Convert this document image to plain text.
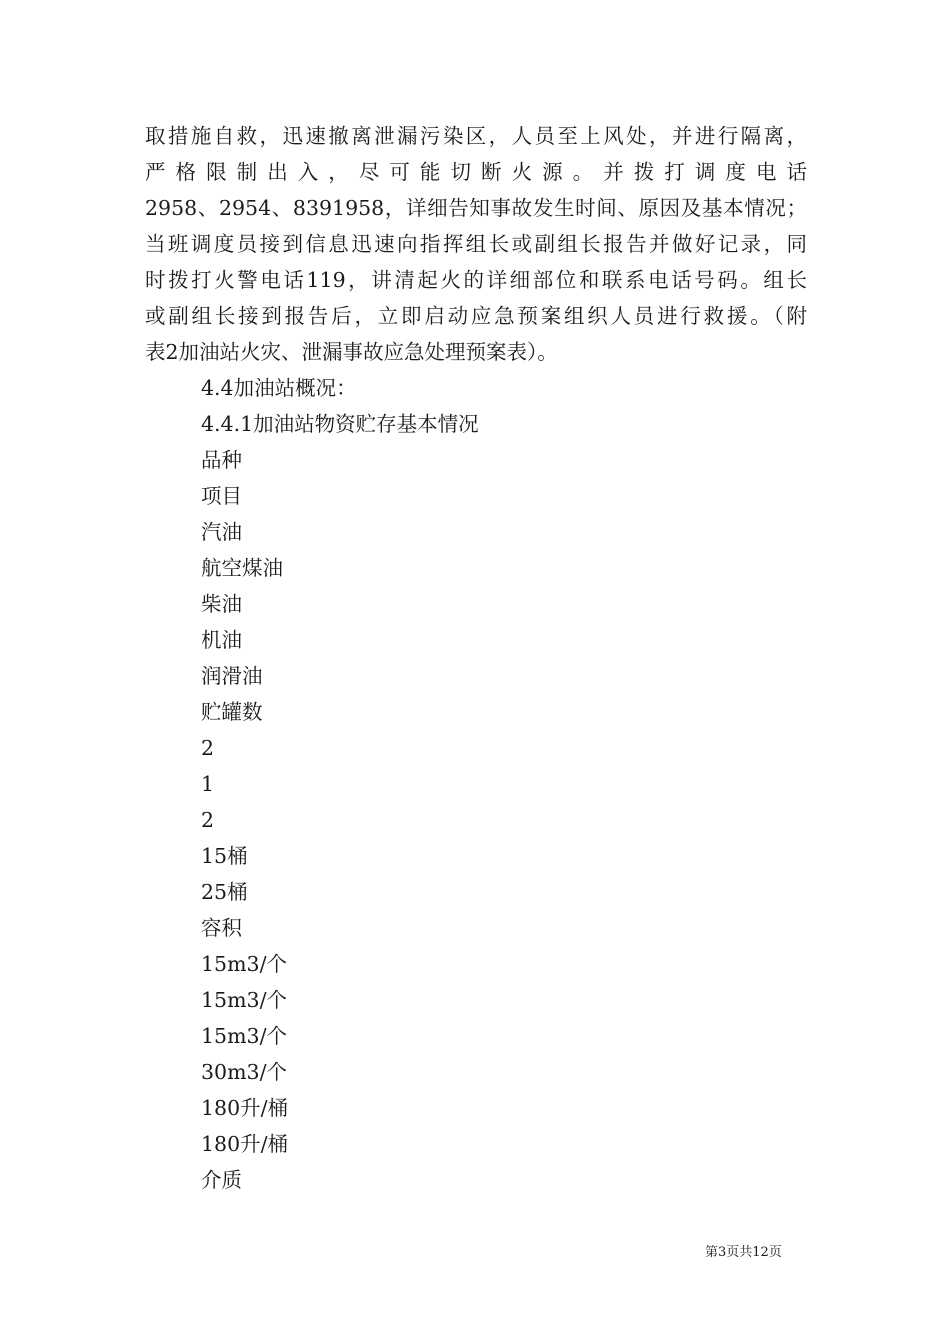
取措施自救，迅速撤离泄漏污染区，人员至上风处，并进行隔离，
严格限制出入，尽可能切断火源。并拨打调度电话
2958、2954、8391958，详细告知事故发生时间、原因及基本情况；
当班调度员接到信息迅速向指挥组长或副组长报告并做好记录，同
时拨打火警电话119，讲清起火的详细部位和联系电话号码。组长
或副组长接到报告后，立即启动应急预案组织人员进行救援。（附
表2加油站火灾、泄漏事故应急处理预案表）。
4.4加油站概况：
4.4.1加油站物资贮存基本情况
品种
项目
汽油
航空煤油
柴油
机油
润滑油
贮罐数
2
1
2
15桶
25桶
容积
15m3/个
15m3/个
15m3/个
30m3/个
180升/桶
180升/桶
介质
第3页共12页
